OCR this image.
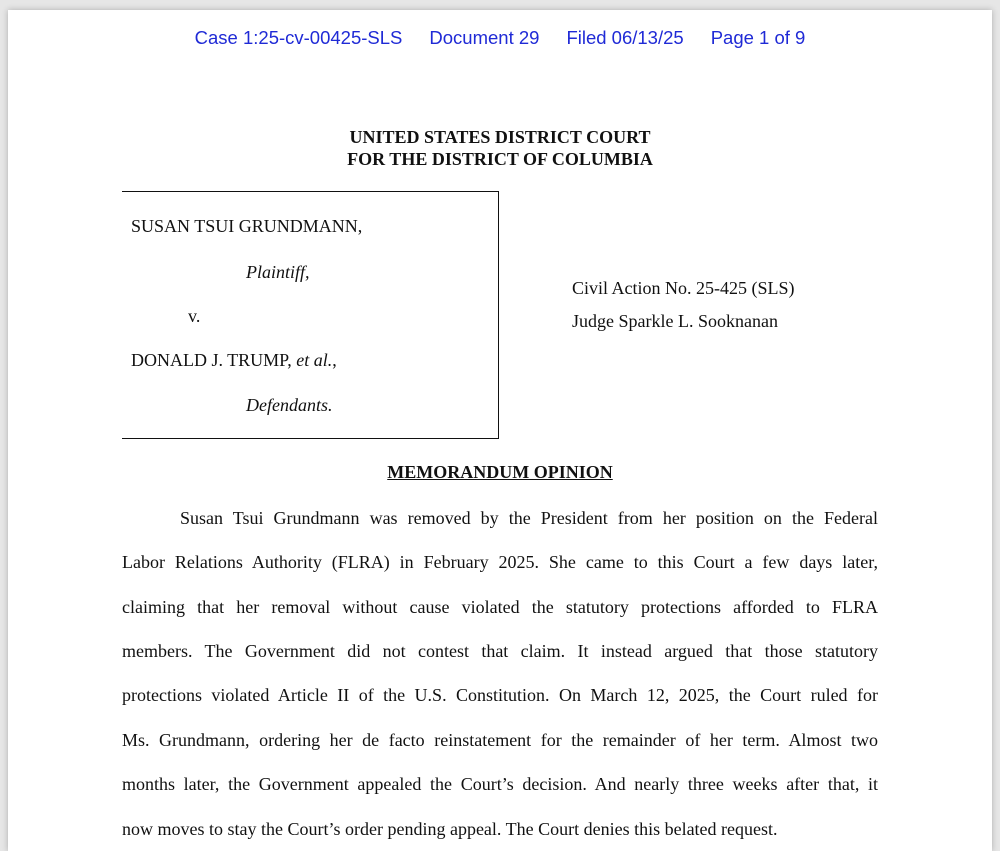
Case 1:25-cv-00425-SLS Document 29 Filed 06/13/25 Page 1 of 9
UNITED STATES DISTRICT COURT
FOR THE DISTRICT OF COLUMBIA
SUSAN TSUI GRUNDMANN,
Plaintiff,
v.
DONALD J. TRUMP, et al.,
Defendants.
Civil Action No. 25-425 (SLS)
Judge Sparkle L. Sooknanan
MEMORANDUM OPINION
Susan Tsui Grundmann was removed by the President from her position on the Federal
Labor Relations Authority (FLRA) in February 2025. She came to this Court a few days later,
claiming that her removal without cause violated the statutory protections afforded to FLRA
members. The Government did not contest that claim. It instead argued that those statutory
protections violated Article II of the U.S. Constitution. On March 12, 2025, the Court ruled for
Ms. Grundmann, ordering her de facto reinstatement for the remainder of her term. Almost two
months later, the Government appealed the Court’s decision. And nearly three weeks after that, it
now moves to stay the Court’s order pending appeal. The Court denies this belated request.
